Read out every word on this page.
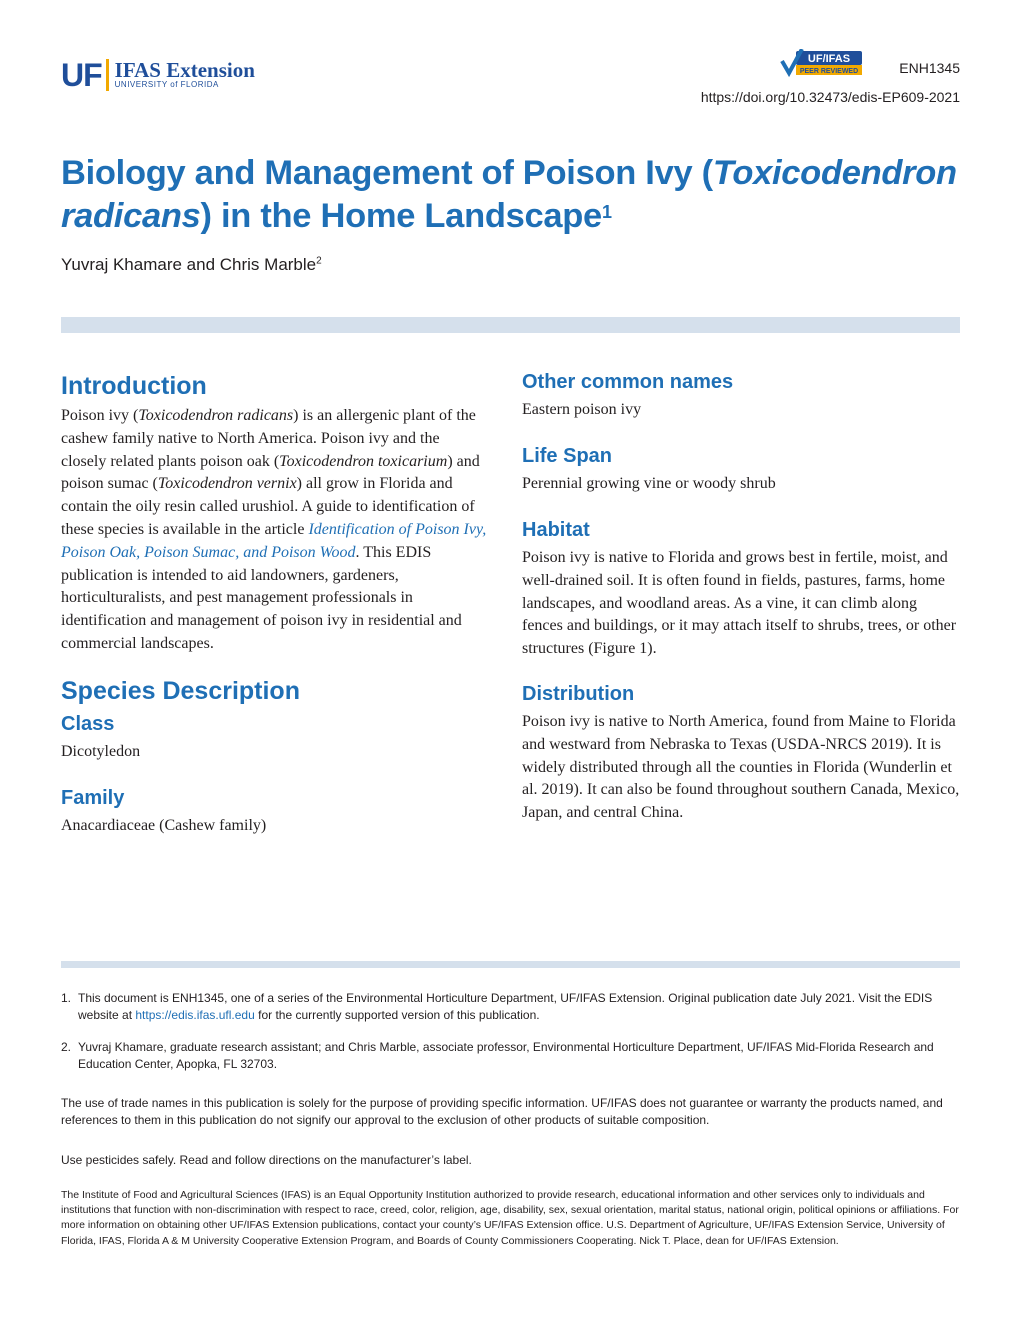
UF IFAS Extension
UNIVERSITY of FLORIDA
UF/IFAS
PEER REVIEWED	ENH1345
https://doi.org/10.32473/edis-EP609-2021
Biology and Management of Poison Ivy (Toxicodendron radicans) in the Home Landscape$^1$
Yuvraj Khamare and Chris Marble$^2$
Introduction

Poison ivy (Toxicodendron radicans) is an allergenic plant of the cashew family native to North America. Poison ivy and the closely related plants poison oak (Toxicodendron toxicarium) and poison sumac (Toxicodendron vernix) all grow in Florida and contain the oily resin called urushiol. A guide to identification of these species is available in the article Identification of Poison Ivy, Poison Oak, Poison Sumac, and Poison Wood. This EDIS publication is intended to aid landowners, gardeners, horticulturalists, and pest management professionals in identification and management of poison ivy in residential and commercial landscapes.

Species Description
Class

Dicotyledon

Family

Anacardiaceae (Cashew family)

Other common names

Eastern poison ivy

Life Span

Perennial growing vine or woody shrub

Habitat

Poison ivy is native to Florida and grows best in fertile, moist, and well-drained soil. It is often found in fields, pastures, farms, home landscapes, and woodland areas. As a vine, it can climb along fences and buildings, or it may attach itself to shrubs, trees, or other structures (Figure 1).

Distribution

Poison ivy is native to North America, found from Maine to Florida and westward from Nebraska to Texas (USDA-NRCS 2019). It is widely distributed through all the counties in Florida (Wunderlin et al. 2019). It can also be found throughout southern Canada, Mexico, Japan, and central China.

1. This document is ENH1345, one of a series of the Environmental Horticulture Department, UF/IFAS Extension. Original publication date July 2021. Visit the EDIS website at https://edis.ifas.ufl.edu for the currently supported version of this publication.
2. Yuvraj Khamare, graduate research assistant; and Chris Marble, associate professor, Environmental Horticulture Department, UF/IFAS Mid-Florida Research and Education Center, Apopka, FL 32703.

The use of trade names in this publication is solely for the purpose of providing specific information. UF/IFAS does not guarantee or warranty the products named, and references to them in this publication do not signify our approval to the exclusion of other products of suitable composition.

Use pesticides safely. Read and follow directions on the manufacturer’s label.

The Institute of Food and Agricultural Sciences (IFAS) is an Equal Opportunity Institution authorized to provide research, educational information and other services only to individuals and institutions that function with non-discrimination with respect to race, creed, color, religion, age, disability, sex, sexual orientation, marital status, national origin, political opinions or affiliations. For more information on obtaining other UF/IFAS Extension publications, contact your county’s UF/IFAS Extension office. U.S. Department of Agriculture, UF/IFAS Extension Service, University of Florida, IFAS, Florida A & M University Cooperative Extension Program, and Boards of County Commissioners Cooperating. Nick T. Place, dean for UF/IFAS Extension.
